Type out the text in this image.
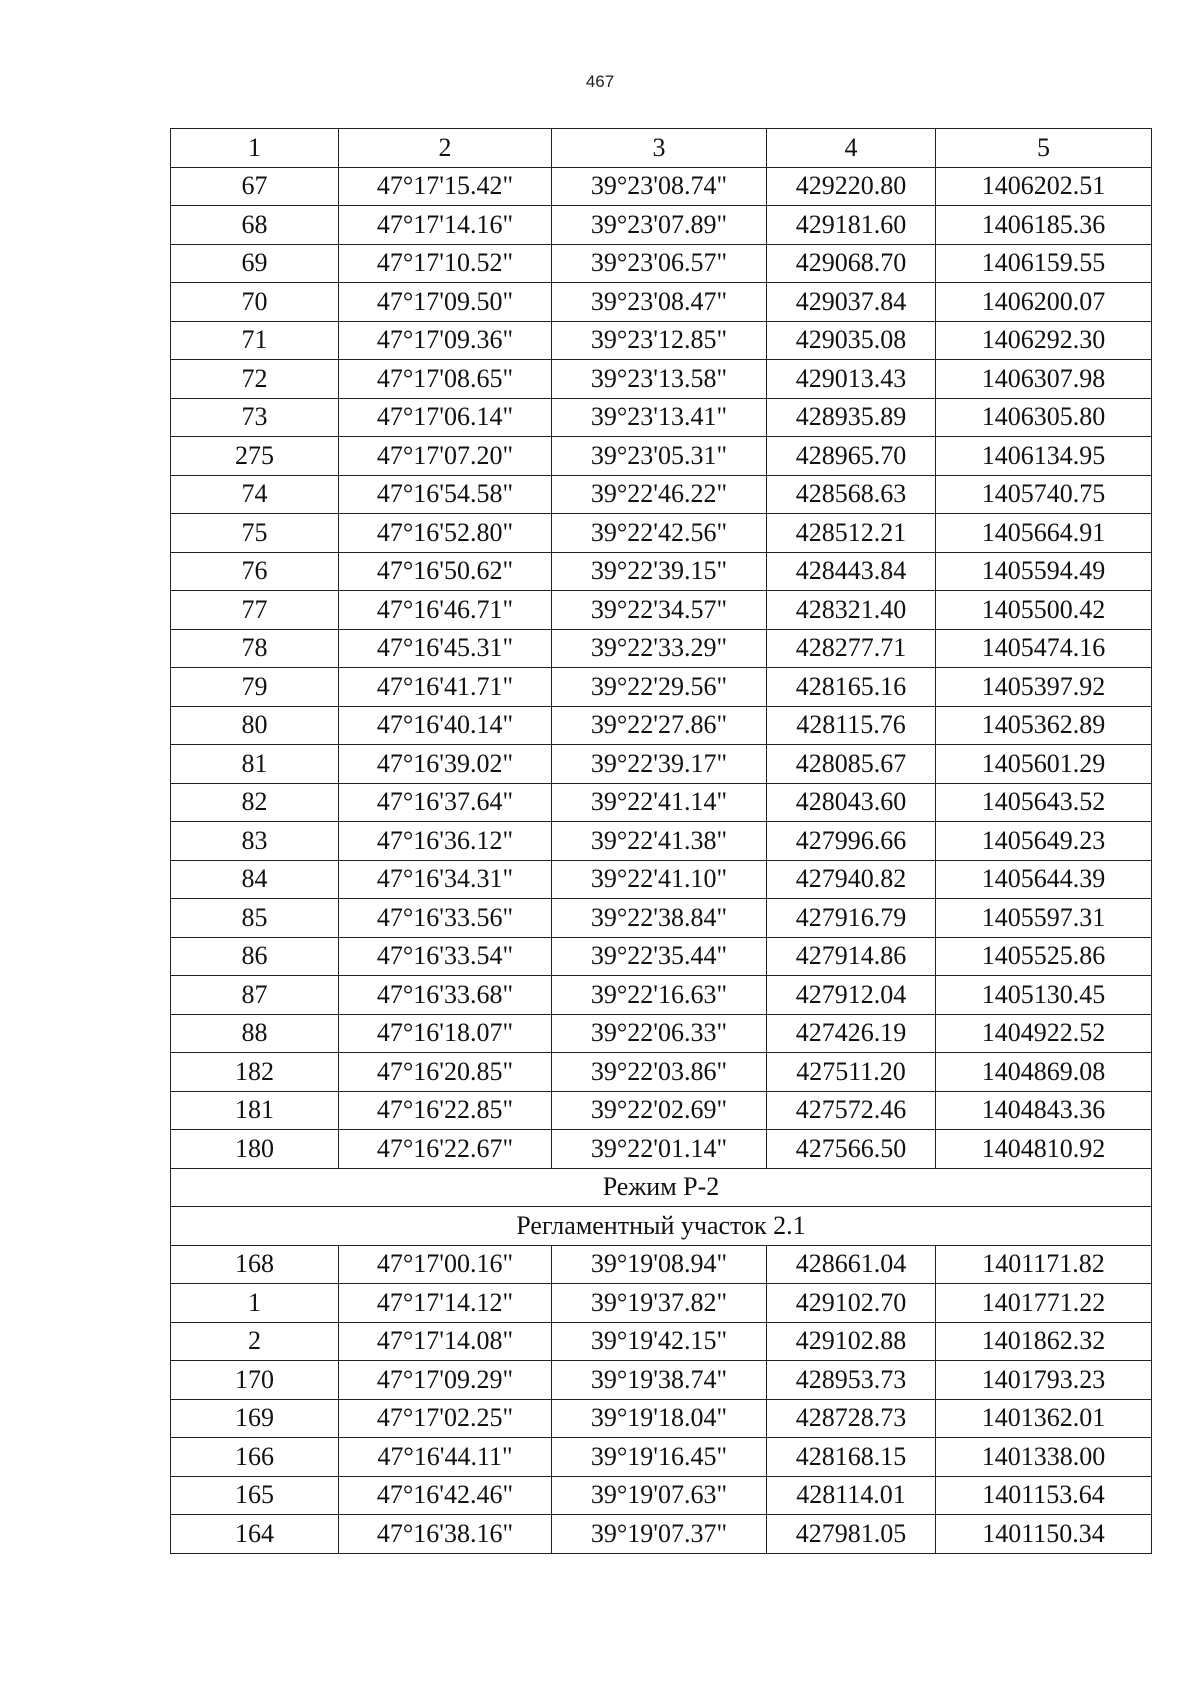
467
1	2	3	4	5
67	47°17'15.42"	39°23'08.74"	429220.80	1406202.51
68	47°17'14.16"	39°23'07.89"	429181.60	1406185.36
69	47°17'10.52"	39°23'06.57"	429068.70	1406159.55
70	47°17'09.50"	39°23'08.47"	429037.84	1406200.07
71	47°17'09.36"	39°23'12.85"	429035.08	1406292.30
72	47°17'08.65"	39°23'13.58"	429013.43	1406307.98
73	47°17'06.14"	39°23'13.41"	428935.89	1406305.80
275	47°17'07.20"	39°23'05.31"	428965.70	1406134.95
74	47°16'54.58"	39°22'46.22"	428568.63	1405740.75
75	47°16'52.80"	39°22'42.56"	428512.21	1405664.91
76	47°16'50.62"	39°22'39.15"	428443.84	1405594.49
77	47°16'46.71"	39°22'34.57"	428321.40	1405500.42
78	47°16'45.31"	39°22'33.29"	428277.71	1405474.16
79	47°16'41.71"	39°22'29.56"	428165.16	1405397.92
80	47°16'40.14"	39°22'27.86"	428115.76	1405362.89
81	47°16'39.02"	39°22'39.17"	428085.67	1405601.29
82	47°16'37.64"	39°22'41.14"	428043.60	1405643.52
83	47°16'36.12"	39°22'41.38"	427996.66	1405649.23
84	47°16'34.31"	39°22'41.10"	427940.82	1405644.39
85	47°16'33.56"	39°22'38.84"	427916.79	1405597.31
86	47°16'33.54"	39°22'35.44"	427914.86	1405525.86
87	47°16'33.68"	39°22'16.63"	427912.04	1405130.45
88	47°16'18.07"	39°22'06.33"	427426.19	1404922.52
182	47°16'20.85"	39°22'03.86"	427511.20	1404869.08
181	47°16'22.85"	39°22'02.69"	427572.46	1404843.36
180	47°16'22.67"	39°22'01.14"	427566.50	1404810.92
Режим Р-2				
Регламентный участок 2.1				
168	47°17'00.16"	39°19'08.94"	428661.04	1401171.82
1	47°17'14.12"	39°19'37.82"	429102.70	1401771.22
2	47°17'14.08"	39°19'42.15"	429102.88	1401862.32
170	47°17'09.29"	39°19'38.74"	428953.73	1401793.23
169	47°17'02.25"	39°19'18.04"	428728.73	1401362.01
166	47°16'44.11"	39°19'16.45"	428168.15	1401338.00
165	47°16'42.46"	39°19'07.63"	428114.01	1401153.64
164	47°16'38.16"	39°19'07.37"	427981.05	1401150.34
